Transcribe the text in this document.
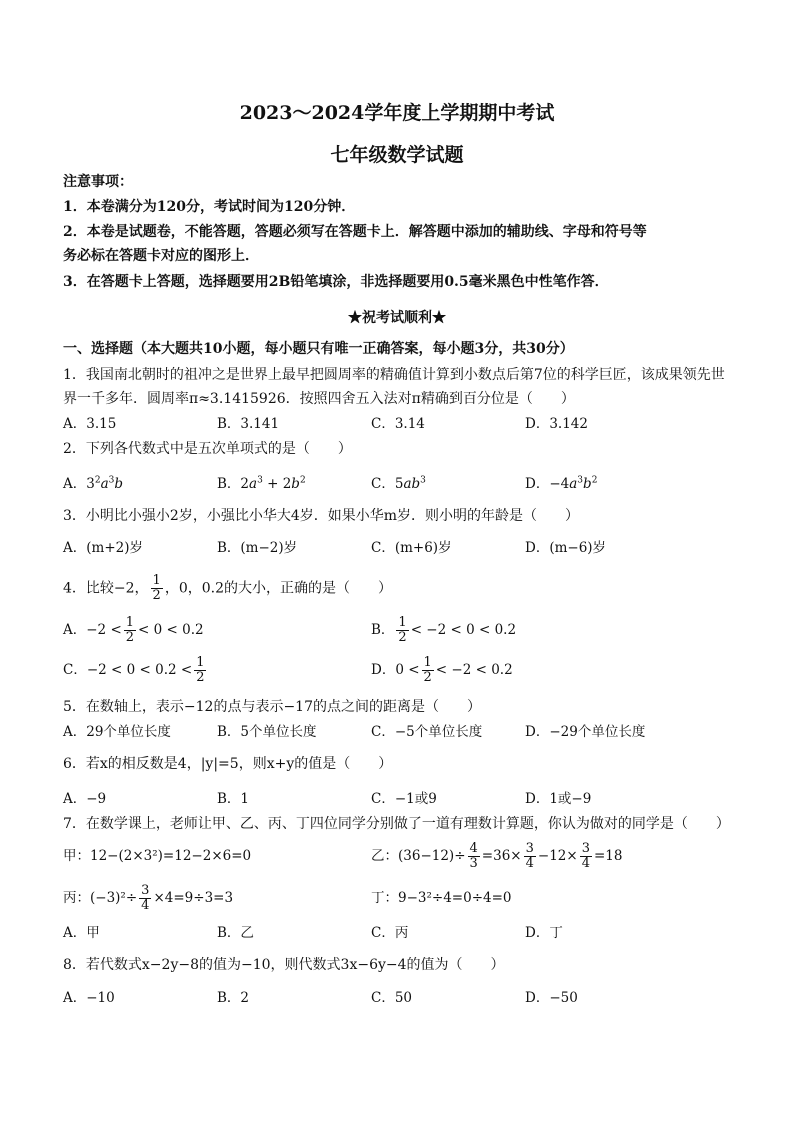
2023～2024学年度上学期期中考试
七年级数学试题
注意事项：
1．本卷满分为120分，考试时间为120分钟．
2．本卷是试题卷，不能答题，答题必须写在答题卡上．解答题中添加的辅助线、字母和符号等
务必标在答题卡对应的图形上．
3．在答题卡上答题，选择题要用2B铅笔填涂，非选择题要用0.5毫米黑色中性笔作答．
★祝考试顺利★
一、选择题（本大题共10小题，每小题只有唯一正确答案，每小题3分，共30分）
1．我国南北朝时的祖冲之是世界上最早把圆周率的精确值计算到小数点后第7位的科学巨匠，该成果领先世
界一千多年．圆周率π≈3.1415926．按照四舍五入法对π精确到百分位是（　　）
A．3.15	B．3.141	C．3.14	D．3.142
2．下列各代数式中是五次单项式的是（　　）
A．$3^2a^3b$	B．$2a^3 + 2b^2$	C．$5ab^3$	D．$-4a^3b^2$
3．小明比小强小2岁，小强比小华大4岁．如果小华m岁．则小明的年龄是（　　）
A．(m+2)岁	B．(m−2)岁	C．(m+6)岁	D．(m−6)岁
4．比较−2， $\frac{1}{2}$ ，0，0.2的大小，正确的是（　　）
A．$-2 < \frac{1}{2} < 0 < 0.2$	B． $\frac{1}{2} < -2 < 0 < 0.2$
C．$-2 < 0 < 0.2 < \frac{1}{2}$	D．$0 < \frac{1}{2} < -2 < 0.2$
5．在数轴上，表示−12的点与表示−17的点之间的距离是（　　）
A．29个单位长度	B．5个单位长度	C．−5个单位长度	D．−29个单位长度
6．若x的相反数是4，|y|=5，则x+y的值是（　　）
A．−9	B．1	C．−1或9	D．1或−9
7．在数学课上，老师让甲、乙、丙、丁四位同学分别做了一道有理数计算题，你认为做对的同学是（　　）
甲：12−(2×3²)=12−2×6=0	乙：$(36-12)\div \frac{4}{3} =36\times \frac{3}{4} -12\times \frac{3}{4} =18$
丙：$(-3)^2\div \frac{3}{4} \times 4=9\div 3=3$	丁：9−3²÷4=0÷4=0
A．甲	B．乙	C．丙	D．丁
8．若代数式x−2y−8的值为−10，则代数式3x−6y−4的值为（　　）
A．−10	B．2	C．50	D．−50
